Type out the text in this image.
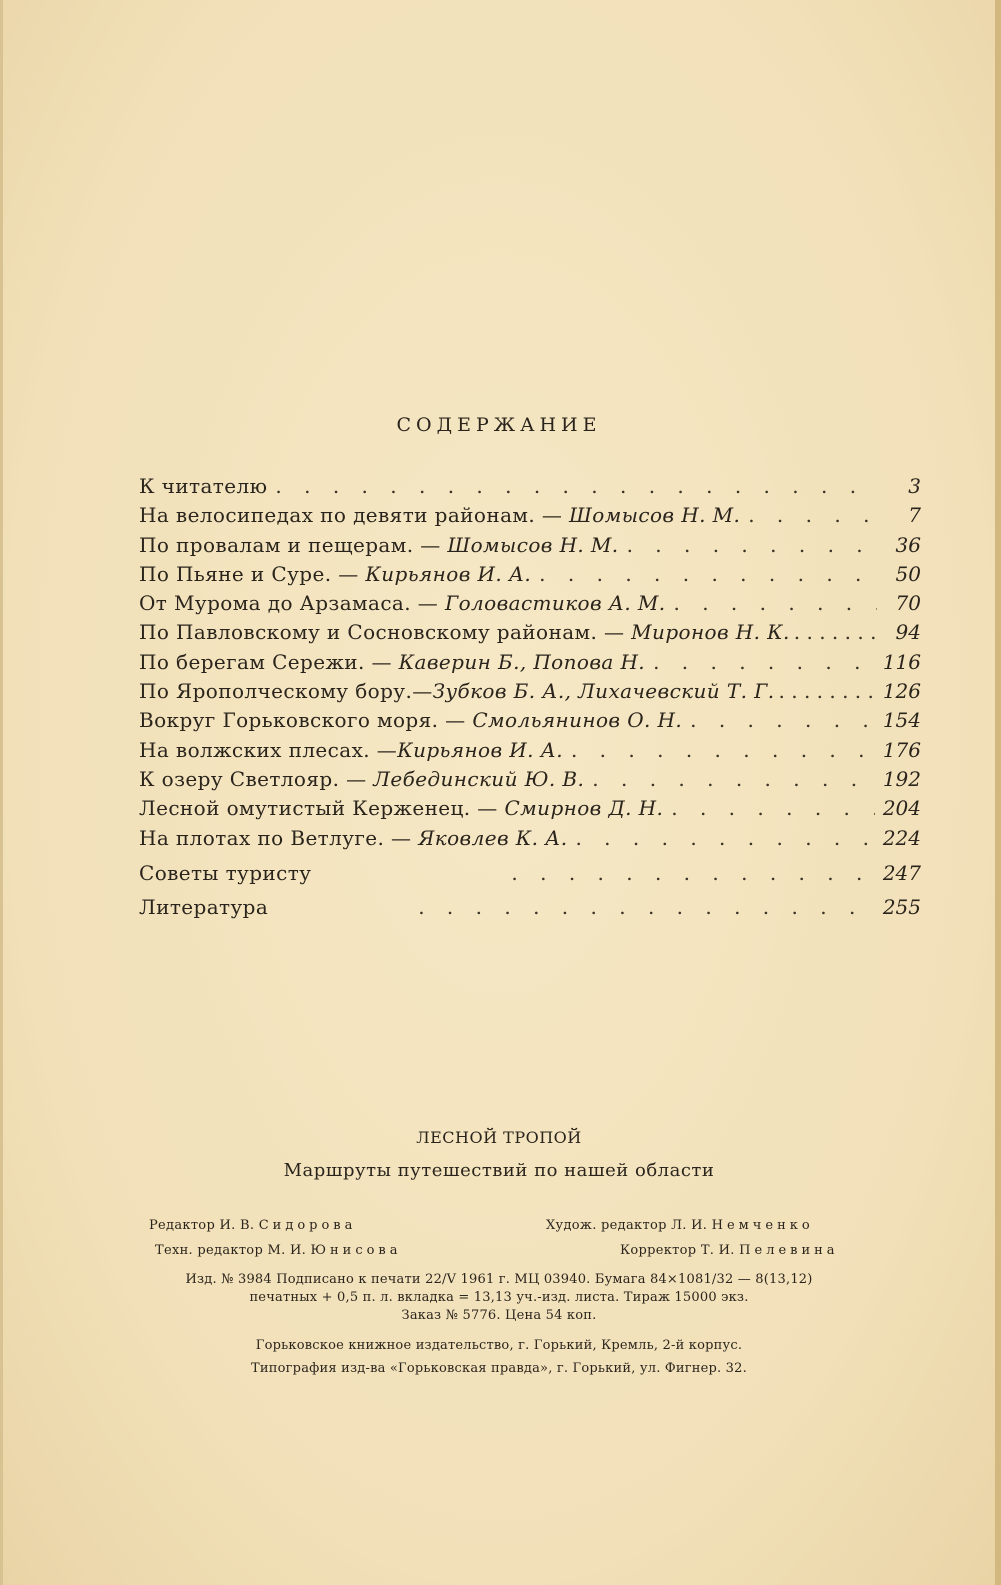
СОДЕРЖАНИЕ
К читателю . . .	3
На велосипедах по девяти районам. — Шомысов Н. М. . . .	7
По провалам и пещерам. — Шомысов Н. М. . . .	36
По Пьяне и Суре. — Кирьянов И. А. . . .	50
От Мурома до Арзамаса. — Головастиков А. М. . . .	70
По Павловскому и Сосновскому районам. — Миронов Н. К. . . .	94
По берегам Сережи. — Каверин Б., Попова Н. . . .	116
По Ярополческому бору.—Зубков Б. А., Лихачевский Т. Г. . . .	126
Вокруг Горьковского моря. — Смольянинов О. Н. . . .	154
На волжских плесах. —Кирьянов И. А. . . .	176
К озеру Светлояр. — Лебединский Ю. В. . . .	192
Лесной омутистый Керженец. — Смирнов Д. Н. . . .	204
На плотах по Ветлуге. — Яковлев К. А. . . .	224
Советы туристу . . .	247
Литература . . .	255
ЛЕСНОЙ ТРОПОЙ
Маршруты путешествий по нашей области
Редактор И. В. Сидорова	Худож. редактор Л. И. Немченко
Техн. редактор М. И. Юнисова	Корректор Т. И. Пелевина
Изд. № 3984 Подписано к печати 22/V 1961 г. МЦ 03940. Бумага 84×1081/32 — 8(13,12)
печатных + 0,5 п. л. вкладка = 13,13 уч.-изд. листа. Тираж 15000 экз.
Заказ № 5776. Цена 54 коп.
Горьковское книжное издательство, г. Горький, Кремль, 2-й корпус.
Типография изд-ва «Горьковская правда», г. Горький, ул. Фигнер. 32.
